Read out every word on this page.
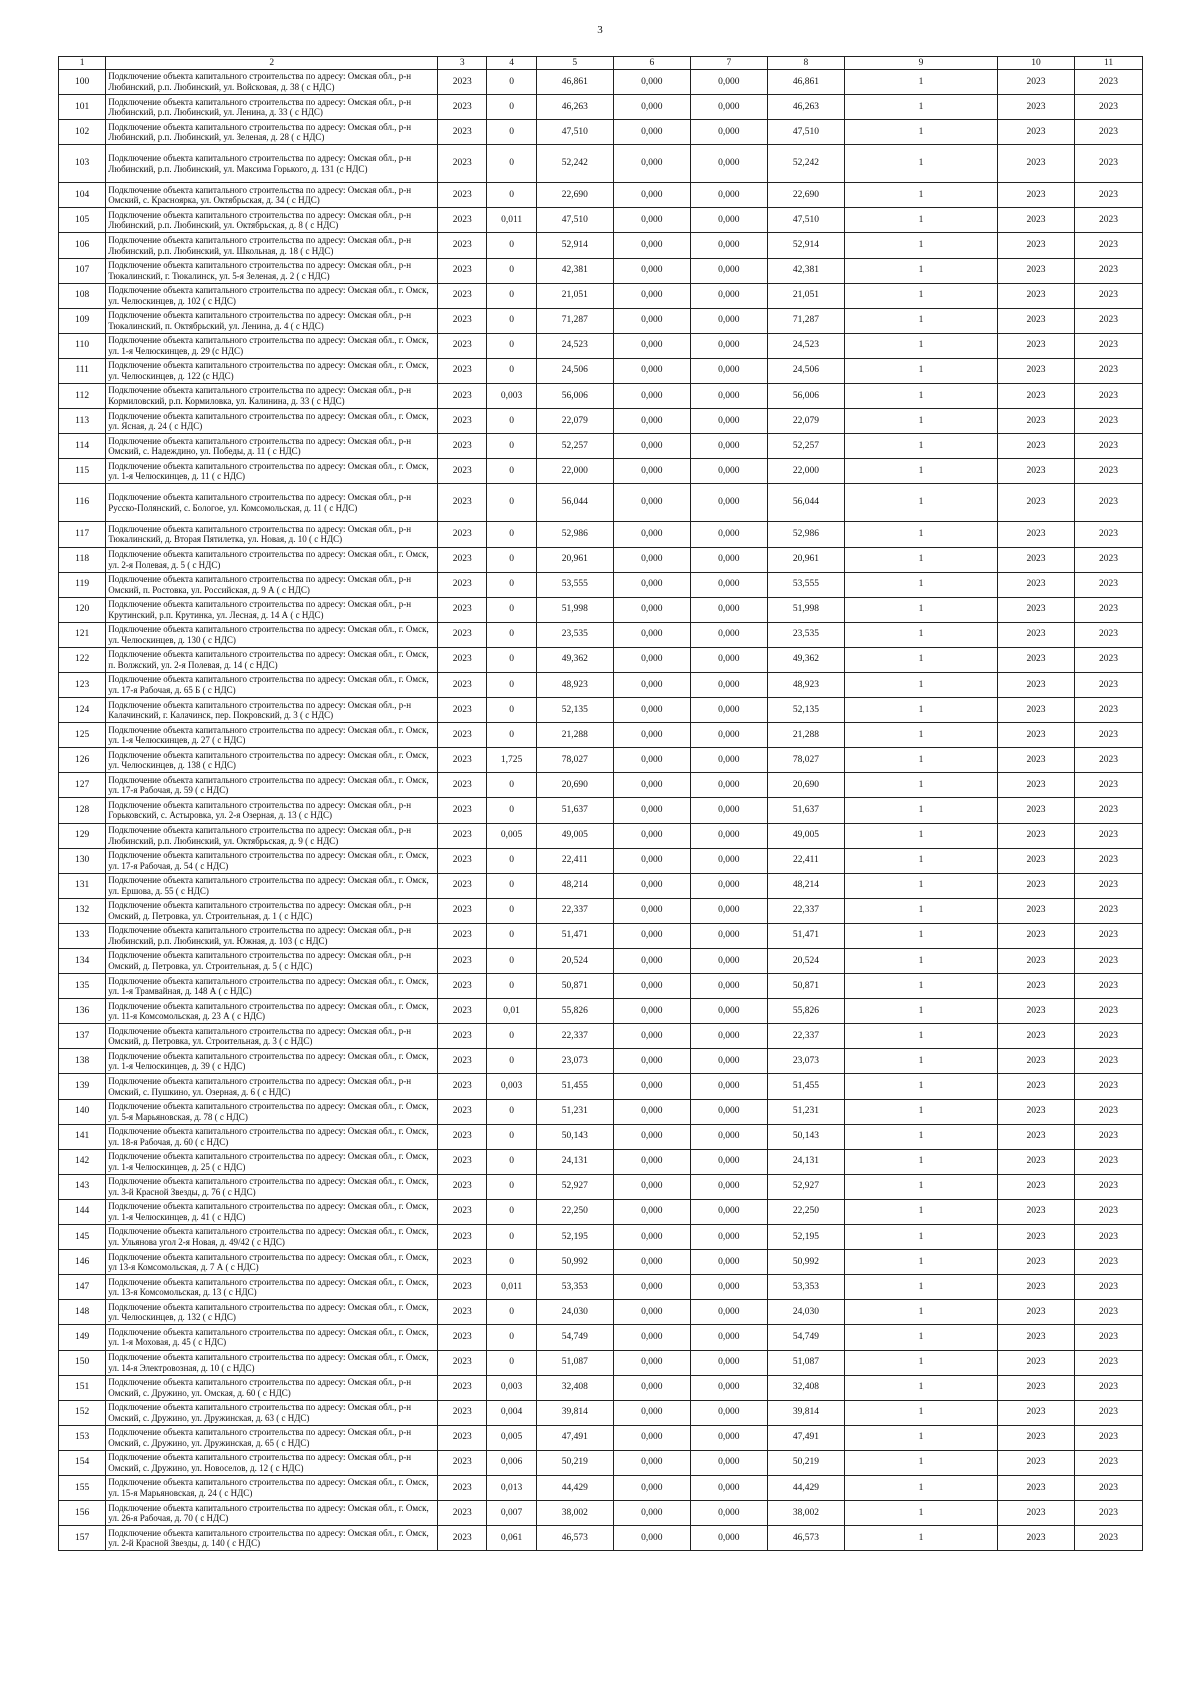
3
1	2	3	4	5	6	7	8	9	10	11
100	Подключение объекта капитального строительства по адресу: Омская обл., р-н Любинский, р.п. Любинский, ул. Войсковая, д. 38 ( с НДС)	2023	0	46,861	0,000	0,000	46,861	1	2023	2023
101	Подключение объекта капитального строительства по адресу: Омская обл., р-н Любинский, р.п. Любинский, ул. Ленина, д. 33 ( с НДС)	2023	0	46,263	0,000	0,000	46,263	1	2023	2023
102	Подключение объекта капитального строительства по адресу: Омская обл., р-н Любинский, р.п. Любинский, ул. Зеленая, д. 28 ( с НДС)	2023	0	47,510	0,000	0,000	47,510	1	2023	2023
103	Подключение объекта капитального строительства по адресу: Омская обл., р-н Любинский, р.п. Любинский, ул. Максима Горького, д. 131 (с НДС)	2023	0	52,242	0,000	0,000	52,242	1	2023	2023
104	Подключение объекта капитального строительства по адресу: Омская обл., р-н Омский, с. Красноярка, ул. Октябрьская, д. 34 ( с НДС)	2023	0	22,690	0,000	0,000	22,690	1	2023	2023
105	Подключение объекта капитального строительства по адресу: Омская обл., р-н Любинский, р.п. Любинский, ул. Октябрьская, д. 8 ( с НДС)	2023	0,011	47,510	0,000	0,000	47,510	1	2023	2023
106	Подключение объекта капитального строительства по адресу: Омская обл., р-н Любинский, р.п. Любинский, ул. Школьная, д. 18 ( с НДС)	2023	0	52,914	0,000	0,000	52,914	1	2023	2023
107	Подключение объекта капитального строительства по адресу: Омская обл., р-н Тюкалинский, г. Тюкалинск, ул. 5-я Зеленая, д. 2 ( с НДС)	2023	0	42,381	0,000	0,000	42,381	1	2023	2023
108	Подключение объекта капитального строительства по адресу: Омская обл., г. Омск, ул. Челюскинцев, д. 102 ( с НДС)	2023	0	21,051	0,000	0,000	21,051	1	2023	2023
109	Подключение объекта капитального строительства по адресу: Омская обл., р-н Тюкалинский, п. Октябрьский, ул. Ленина, д. 4 ( с НДС)	2023	0	71,287	0,000	0,000	71,287	1	2023	2023
110	Подключение объекта капитального строительства по адресу: Омская обл., г. Омск, ул. 1-я Челюскинцев, д. 29 (с НДС)	2023	0	24,523	0,000	0,000	24,523	1	2023	2023
111	Подключение объекта капитального строительства по адресу: Омская обл., г. Омск, ул. Челюскинцев, д. 122 (с НДС)	2023	0	24,506	0,000	0,000	24,506	1	2023	2023
112	Подключение объекта капитального строительства по адресу: Омская обл., р-н Кормиловский, р.п. Кормиловка, ул. Калинина, д. 33 ( с НДС)	2023	0,003	56,006	0,000	0,000	56,006	1	2023	2023
113	Подключение объекта капитального строительства по адресу: Омская обл., г. Омск, ул. Ясная, д. 24 ( с НДС)	2023	0	22,079	0,000	0,000	22,079	1	2023	2023
114	Подключение объекта капитального строительства по адресу: Омская обл., р-н Омский, с. Надеждино, ул. Победы, д. 11 ( с НДС)	2023	0	52,257	0,000	0,000	52,257	1	2023	2023
115	Подключение объекта капитального строительства по адресу: Омская обл., г. Омск, ул. 1-я Челюскинцев, д. 11 ( с НДС)	2023	0	22,000	0,000	0,000	22,000	1	2023	2023
116	Подключение объекта капитального строительства по адресу: Омская обл., р-н Русско-Полянский, с. Бологое, ул. Комсомольская, д. 11 ( с НДС)	2023	0	56,044	0,000	0,000	56,044	1	2023	2023
117	Подключение объекта капитального строительства по адресу: Омская обл., р-н Тюкалинский, д. Вторая Пятилетка, ул. Новая, д. 10 ( с НДС)	2023	0	52,986	0,000	0,000	52,986	1	2023	2023
118	Подключение объекта капитального строительства по адресу: Омская обл., г. Омск, ул. 2-я Полевая, д. 5 ( с НДС)	2023	0	20,961	0,000	0,000	20,961	1	2023	2023
119	Подключение объекта капитального строительства по адресу: Омская обл., р-н Омский, п. Ростовка, ул. Российская, д. 9 А ( с НДС)	2023	0	53,555	0,000	0,000	53,555	1	2023	2023
120	Подключение объекта капитального строительства по адресу: Омская обл., р-н Крутинский, р.п. Крутинка, ул. Лесная, д. 14 А ( с НДС)	2023	0	51,998	0,000	0,000	51,998	1	2023	2023
121	Подключение объекта капитального строительства по адресу: Омская обл., г. Омск, ул. Челюскинцев, д. 130 ( с НДС)	2023	0	23,535	0,000	0,000	23,535	1	2023	2023
122	Подключение объекта капитального строительства по адресу: Омская обл., г. Омск, п. Волжский, ул. 2-я Полевая, д. 14 ( с НДС)	2023	0	49,362	0,000	0,000	49,362	1	2023	2023
123	Подключение объекта капитального строительства по адресу: Омская обл., г. Омск, ул. 17-я Рабочая, д. 65 Б ( с НДС)	2023	0	48,923	0,000	0,000	48,923	1	2023	2023
124	Подключение объекта капитального строительства по адресу: Омская обл., р-н Калачинский, г. Калачинск, пер. Покровский, д. 3 ( с НДС)	2023	0	52,135	0,000	0,000	52,135	1	2023	2023
125	Подключение объекта капитального строительства по адресу: Омская обл., г. Омск, ул. 1-я Челюскинцев, д. 27 ( с НДС)	2023	0	21,288	0,000	0,000	21,288	1	2023	2023
126	Подключение объекта капитального строительства по адресу: Омская обл., г. Омск, ул. Челюскинцев, д. 138 ( с НДС)	2023	1,725	78,027	0,000	0,000	78,027	1	2023	2023
127	Подключение объекта капитального строительства по адресу: Омская обл., г. Омск, ул. 17-я Рабочая, д. 59 ( с НДС)	2023	0	20,690	0,000	0,000	20,690	1	2023	2023
128	Подключение объекта капитального строительства по адресу: Омская обл., р-н Горьковский, с. Астыровка, ул. 2-я Озерная, д. 13 ( с НДС)	2023	0	51,637	0,000	0,000	51,637	1	2023	2023
129	Подключение объекта капитального строительства по адресу: Омская обл., р-н Любинский, р.п. Любинский, ул. Октябрьская, д. 9 ( с НДС)	2023	0,005	49,005	0,000	0,000	49,005	1	2023	2023
130	Подключение объекта капитального строительства по адресу: Омская обл., г. Омск, ул. 17-я Рабочая, д. 54 ( с НДС)	2023	0	22,411	0,000	0,000	22,411	1	2023	2023
131	Подключение объекта капитального строительства по адресу: Омская обл., г. Омск, ул. Ершова, д. 55 ( с НДС)	2023	0	48,214	0,000	0,000	48,214	1	2023	2023
132	Подключение объекта капитального строительства по адресу: Омская обл., р-н Омский, д. Петровка, ул. Строительная, д. 1 ( с НДС)	2023	0	22,337	0,000	0,000	22,337	1	2023	2023
133	Подключение объекта капитального строительства по адресу: Омская обл., р-н Любинский, р.п. Любинский, ул. Южная, д. 103 ( с НДС)	2023	0	51,471	0,000	0,000	51,471	1	2023	2023
134	Подключение объекта капитального строительства по адресу: Омская обл., р-н Омский, д. Петровка, ул. Строительная, д. 5 ( с НДС)	2023	0	20,524	0,000	0,000	20,524	1	2023	2023
135	Подключение объекта капитального строительства по адресу: Омская обл., г. Омск, ул. 1-я Трамвайная, д. 148 А ( с НДС)	2023	0	50,871	0,000	0,000	50,871	1	2023	2023
136	Подключение объекта капитального строительства по адресу: Омская обл., г. Омск, ул. 11-я Комсомольская, д. 23 А ( с НДС)	2023	0,01	55,826	0,000	0,000	55,826	1	2023	2023
137	Подключение объекта капитального строительства по адресу: Омская обл., р-н Омский, д. Петровка, ул. Строительная, д. 3 ( с НДС)	2023	0	22,337	0,000	0,000	22,337	1	2023	2023
138	Подключение объекта капитального строительства по адресу: Омская обл., г. Омск, ул. 1-я Челюскинцев, д. 39 ( с НДС)	2023	0	23,073	0,000	0,000	23,073	1	2023	2023
139	Подключение объекта капитального строительства по адресу: Омская обл., р-н Омский, с. Пушкино, ул. Озерная, д. 6 ( с НДС)	2023	0,003	51,455	0,000	0,000	51,455	1	2023	2023
140	Подключение объекта капитального строительства по адресу: Омская обл., г. Омск, ул. 5-я Марьяновская, д. 78 ( с НДС)	2023	0	51,231	0,000	0,000	51,231	1	2023	2023
141	Подключение объекта капитального строительства по адресу: Омская обл., г. Омск, ул. 18-я Рабочая, д. 60 ( с НДС)	2023	0	50,143	0,000	0,000	50,143	1	2023	2023
142	Подключение объекта капитального строительства по адресу: Омская обл., г. Омск, ул. 1-я Челюскинцев, д. 25 ( с НДС)	2023	0	24,131	0,000	0,000	24,131	1	2023	2023
143	Подключение объекта капитального строительства по адресу: Омская обл., г. Омск, ул. 3-й Красной Звезды, д. 76 ( с НДС)	2023	0	52,927	0,000	0,000	52,927	1	2023	2023
144	Подключение объекта капитального строительства по адресу: Омская обл., г. Омск, ул. 1-я Челюскинцев, д. 41 ( с НДС)	2023	0	22,250	0,000	0,000	22,250	1	2023	2023
145	Подключение объекта капитального строительства по адресу: Омская обл., г. Омск, ул. Ульянова угол 2-я Новая, д. 49/42 ( с НДС)	2023	0	52,195	0,000	0,000	52,195	1	2023	2023
146	Подключение объекта капитального строительства по адресу: Омская обл., г. Омск, ул 13-я Комсомольская, д. 7 А ( с НДС)	2023	0	50,992	0,000	0,000	50,992	1	2023	2023
147	Подключение объекта капитального строительства по адресу: Омская обл., г. Омск, ул. 13-я Комсомольская, д. 13 ( с НДС)	2023	0,011	53,353	0,000	0,000	53,353	1	2023	2023
148	Подключение объекта капитального строительства по адресу: Омская обл., г. Омск, ул. Челюскинцев, д. 132 ( с НДС)	2023	0	24,030	0,000	0,000	24,030	1	2023	2023
149	Подключение объекта капитального строительства по адресу: Омская обл., г. Омск, ул. 1-я Моховая, д. 45 ( с НДС)	2023	0	54,749	0,000	0,000	54,749	1	2023	2023
150	Подключение объекта капитального строительства по адресу: Омская обл., г. Омск, ул. 14-я Электровозная, д. 10 ( с НДС)	2023	0	51,087	0,000	0,000	51,087	1	2023	2023
151	Подключение объекта капитального строительства по адресу: Омская обл., р-н Омский, с. Дружино, ул. Омская, д. 60 ( с НДС)	2023	0,003	32,408	0,000	0,000	32,408	1	2023	2023
152	Подключение объекта капитального строительства по адресу: Омская обл., р-н Омский, с. Дружино, ул. Дружинская, д. 63 ( с НДС)	2023	0,004	39,814	0,000	0,000	39,814	1	2023	2023
153	Подключение объекта капитального строительства по адресу: Омская обл., р-н Омский, с. Дружино, ул. Дружинская, д. 65 ( с НДС)	2023	0,005	47,491	0,000	0,000	47,491	1	2023	2023
154	Подключение объекта капитального строительства по адресу: Омская обл., р-н Омский, с. Дружино, ул. Новоселов, д. 12 ( с НДС)	2023	0,006	50,219	0,000	0,000	50,219	1	2023	2023
155	Подключение объекта капитального строительства по адресу: Омская обл., г. Омск, ул. 15-я Марьяновская, д. 24 ( с НДС)	2023	0,013	44,429	0,000	0,000	44,429	1	2023	2023
156	Подключение объекта капитального строительства по адресу: Омская обл., г. Омск, ул. 26-я Рабочая, д. 70 ( с НДС)	2023	0,007	38,002	0,000	0,000	38,002	1	2023	2023
157	Подключение объекта капитального строительства по адресу: Омская обл., г. Омск, ул. 2-й Красной Звезды, д. 140 ( с НДС)	2023	0,061	46,573	0,000	0,000	46,573	1	2023	2023
